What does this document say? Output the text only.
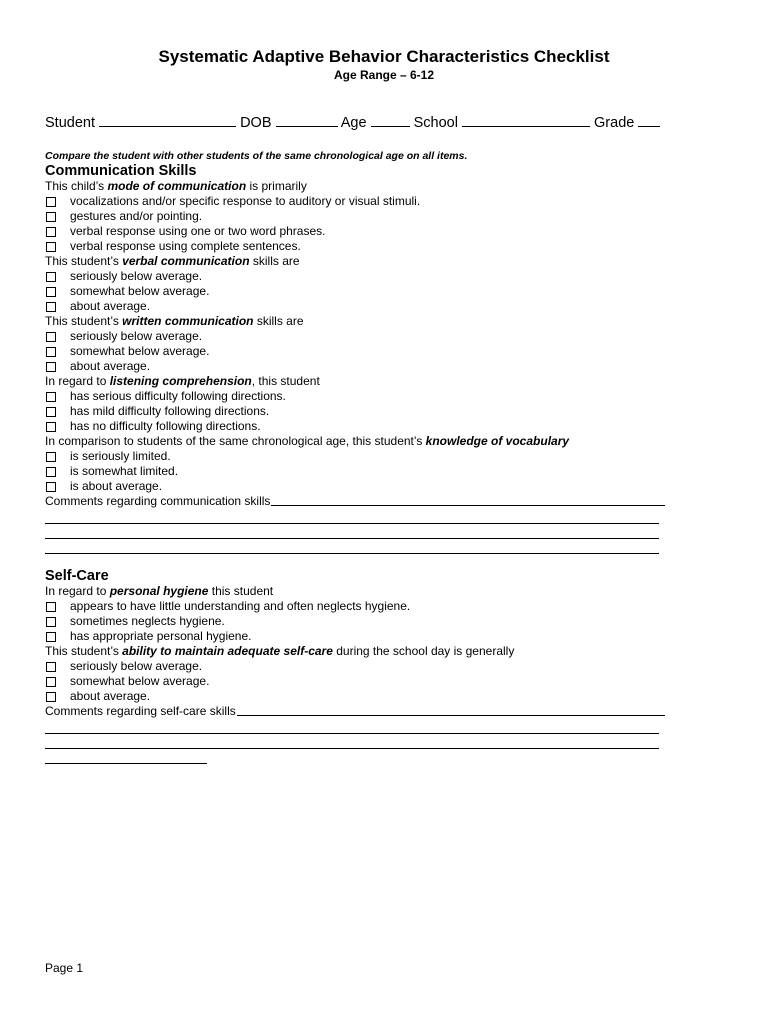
Systematic Adaptive Behavior Characteristics Checklist
Age Range – 6-12
Student	DOB	Age	School	Grade
Compare the student with other students of the same chronological age on all items.
Communication Skills
This child’s mode of communication is primarily
vocalizations and/or specific response to auditory or visual stimuli.
gestures and/or pointing.
verbal response using one or two word phrases.
verbal response using complete sentences.
This student’s verbal communication skills are
seriously below average.
somewhat below average.
about average.
This student’s written communication skills are
seriously below average.
somewhat below average.
about average.
In regard to listening comprehension, this student
has serious difficulty following directions.
has mild difficulty following directions.
has no difficulty following directions.
In comparison to students of the same chronological age, this student’s knowledge of vocabulary
is seriously limited.
is somewhat limited.
is about average.
Comments regarding communication skills
Self-Care
In regard to personal hygiene this student
appears to have little understanding and often neglects hygiene.
sometimes neglects hygiene.
has appropriate personal hygiene.
This student’s ability to maintain adequate self-care during the school day is generally
seriously below average.
somewhat below average.
about average.
Comments regarding self-care skills
Page 1
